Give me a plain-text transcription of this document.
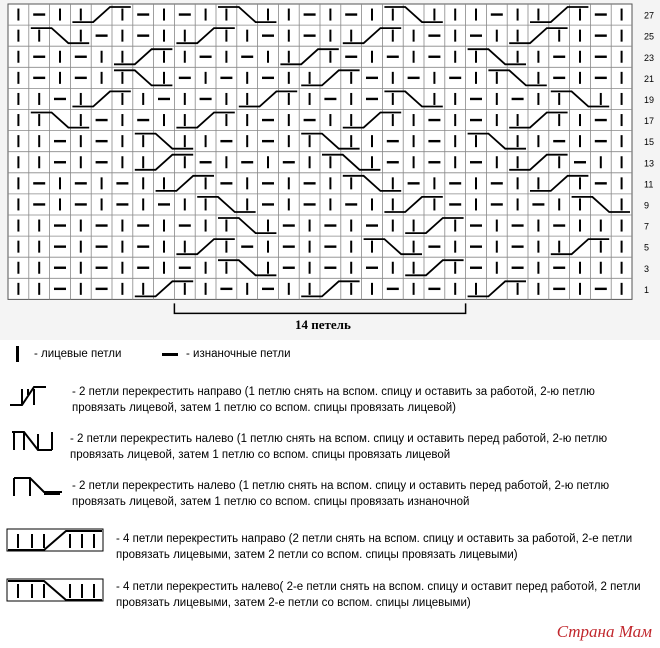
27
25
23
21
19
17
15
13
11
9
7
5
3
1
14 петель
- лицевые петли	- изнаночные петли
- 2 петли перекрестить направо (1 петлю снять на вспом. спицу и оставить за работой, 2-ю петлю провязать лицевой, затем 1 петлю со вспом. спицы провязать лицевой)
- 2 петли перекрестить налево (1 петлю снять на вспом. спицу и оставить перед работой, 2-ю петлю провязать лицевой, затем 1 петлю со вспом. спицы провязать лицевой
- 2 петли перекрестить налево (1 петлю снять на вспом. спицу и оставить перед работой, 2-ю петлю провязать лицевой, затем 1 петлю со вспом. спицы провязать изнаночной
- 4 петли перекрестить направо (2 петли снять на вспом. спицу и оставить за работой, 2-е петли провязать лицевыми, затем 2 петли со вспом. спицы провязать лицевыми)
- 4 петли перекрестить налево( 2-е петли снять на вспом. спицу и оставит перед работой, 2 петли провязать лицевыми, затем 2-е петли со вспом. спицы лицевыми)
Страна Мам
